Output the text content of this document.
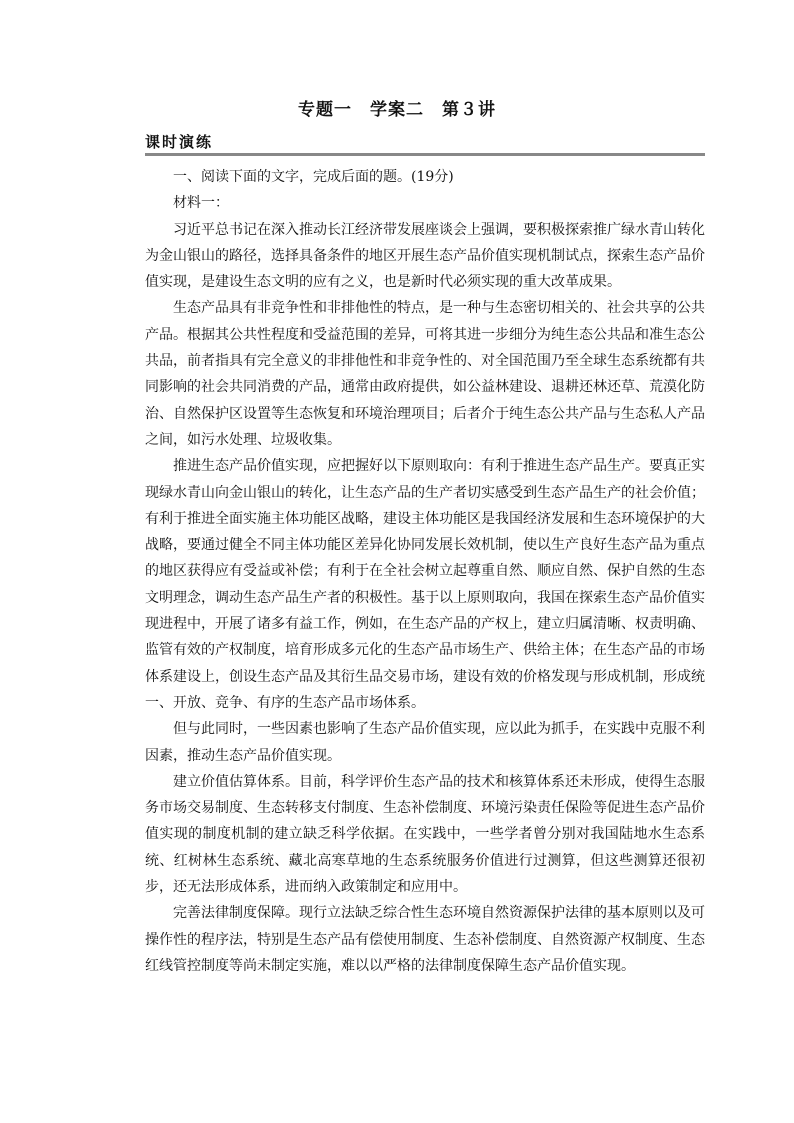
专题一　学案二　第３讲
课时演练

一、阅读下面的文字，完成后面的题。(19分)

材料一：

习近平总书记在深入推动长江经济带发展座谈会上强调，要积极探索推广绿水青山转化为金山银山的路径，选择具备条件的地区开展生态产品价值实现机制试点，探索生态产品价值实现，是建设生态文明的应有之义，也是新时代必须实现的重大改革成果。

生态产品具有非竞争性和非排他性的特点，是一种与生态密切相关的、社会共享的公共产品。根据其公共性程度和受益范围的差异，可将其进一步细分为纯生态公共品和准生态公共品，前者指具有完全意义的非排他性和非竞争性的、对全国范围乃至全球生态系统都有共同影响的社会共同消费的产品，通常由政府提供，如公益林建设、退耕还林还草、荒漠化防治、自然保护区设置等生态恢复和环境治理项目；后者介于纯生态公共产品与生态私人产品之间，如污水处理、垃圾收集。

推进生态产品价值实现，应把握好以下原则取向：有利于推进生态产品生产。要真正实现绿水青山向金山银山的转化，让生态产品的生产者切实感受到生态产品生产的社会价值；有利于推进全面实施主体功能区战略，建设主体功能区是我国经济发展和生态环境保护的大战略，要通过健全不同主体功能区差异化协同发展长效机制，使以生产良好生态产品为重点的地区获得应有受益或补偿；有利于在全社会树立起尊重自然、顺应自然、保护自然的生态文明理念，调动生态产品生产者的积极性。基于以上原则取向，我国在探索生态产品价值实现进程中，开展了诸多有益工作，例如，在生态产品的产权上，建立归属清晰、权责明确、监管有效的产权制度，培育形成多元化的生态产品市场生产、供给主体；在生态产品的市场体系建设上，创设生态产品及其衍生品交易市场，建设有效的价格发现与形成机制，形成统一、开放、竞争、有序的生态产品市场体系。

但与此同时，一些因素也影响了生态产品价值实现，应以此为抓手，在实践中克服不利因素，推动生态产品价值实现。

建立价值估算体系。目前，科学评价生态产品的技术和核算体系还未形成，使得生态服务市场交易制度、生态转移支付制度、生态补偿制度、环境污染责任保险等促进生态产品价值实现的制度机制的建立缺乏科学依据。在实践中，一些学者曾分别对我国陆地水生态系统、红树林生态系统、藏北高寒草地的生态系统服务价值进行过测算，但这些测算还很初步，还无法形成体系，进而纳入政策制定和应用中。

完善法律制度保障。现行立法缺乏综合性生态环境自然资源保护法律的基本原则以及可操作性的程序法，特别是生态产品有偿使用制度、生态补偿制度、自然资源产权制度、生态红线管控制度等尚未制定实施，难以以严格的法律制度保障生态产品价值实现。
